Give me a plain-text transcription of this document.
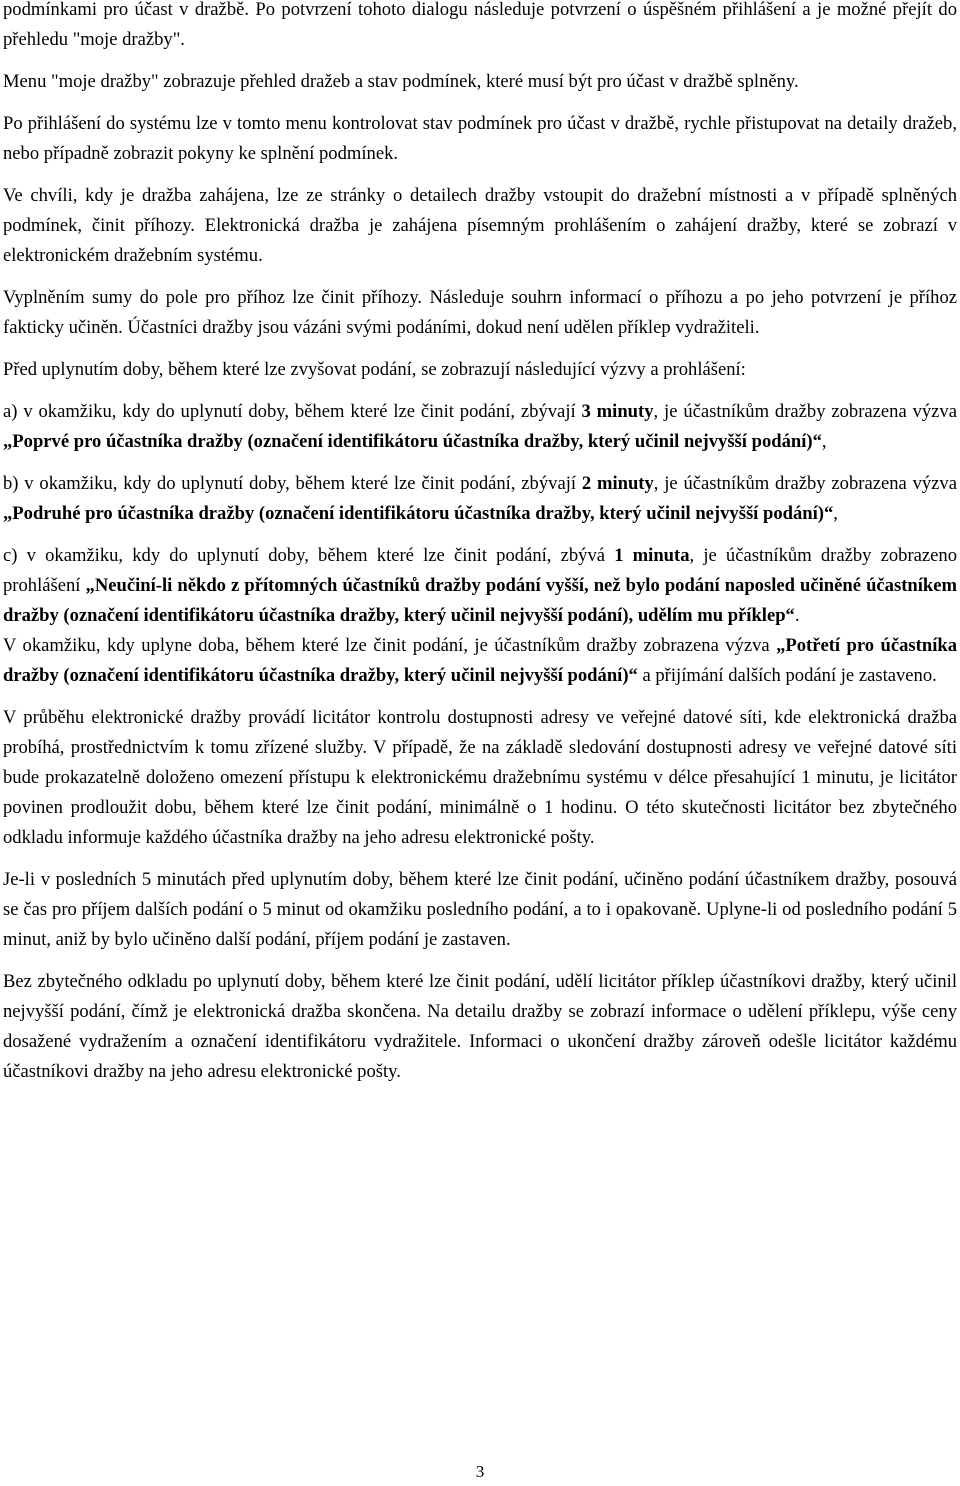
podmínkami pro účast v dražbě. Po potvrzení tohoto dialogu následuje potvrzení o úspěšném přihlášení a je možné přejít do přehledu "moje dražby".

Menu "moje dražby" zobrazuje přehled dražeb a stav podmínek, které musí být pro účast v dražbě splněny.

Po přihlášení do systému lze v tomto menu kontrolovat stav podmínek pro účast v dražbě, rychle přistupovat na detaily dražeb, nebo případně zobrazit pokyny ke splnění podmínek.

Ve chvíli, kdy je dražba zahájena, lze ze stránky o detailech dražby vstoupit do dražební místnosti a v případě splněných podmínek, činit příhozy. Elektronická dražba je zahájena písemným prohlášením o zahájení dražby, které se zobrazí v elektronickém dražebním systému.

Vyplněním sumy do pole pro příhoz lze činit příhozy. Následuje souhrn informací o příhozu a po jeho potvrzení je příhoz fakticky učiněn. Účastníci dražby jsou vázáni svými podáními, dokud není udělen příklep vydražiteli.

Před uplynutím doby, během které lze zvyšovat podání, se zobrazují následující výzvy a prohlášení:

a) v okamžiku, kdy do uplynutí doby, během které lze činit podání, zbývají 3 minuty, je účastníkům dražby zobrazena výzva „Poprvé pro účastníka dražby (označení identifikátoru účastníka dražby, který učinil nejvyšší podání)“,

b) v okamžiku, kdy do uplynutí doby, během které lze činit podání, zbývají 2 minuty, je účastníkům dražby zobrazena výzva „Podruhé pro účastníka dražby (označení identifikátoru účastníka dražby, který učinil nejvyšší podání)“,

c) v okamžiku, kdy do uplynutí doby, během které lze činit podání, zbývá 1 minuta, je účastníkům dražby zobrazeno prohlášení „Neučiní-li někdo z přítomných účastníků dražby podání vyšší, než bylo podání naposled učiněné účastníkem dražby (označení identifikátoru účastníka dražby, který učinil nejvyšší podání), udělím mu příklep“.

V okamžiku, kdy uplyne doba, během které lze činit podání, je účastníkům dražby zobrazena výzva „Potřetí pro účastníka dražby (označení identifikátoru účastníka dražby, který učinil nejvyšší podání)“ a přijímání dalších podání je zastaveno.

V průběhu elektronické dražby provádí licitátor kontrolu dostupnosti adresy ve veřejné datové síti, kde elektronická dražba probíhá, prostřednictvím k tomu zřízené služby. V případě, že na základě sledování dostupnosti adresy ve veřejné datové síti bude prokazatelně doloženo omezení přístupu k elektronickému dražebnímu systému v délce přesahující 1 minutu, je licitátor povinen prodloužit dobu, během které lze činit podání, minimálně o 1 hodinu. O této skutečnosti licitátor bez zbytečného odkladu informuje každého účastníka dražby na jeho adresu elektronické pošty.

Je-li v posledních 5 minutách před uplynutím doby, během které lze činit podání, učiněno podání účastníkem dražby, posouvá se čas pro příjem dalších podání o 5 minut od okamžiku posledního podání, a to i opakovaně. Uplyne-li od posledního podání 5 minut, aniž by bylo učiněno další podání, příjem podání je zastaven.

Bez zbytečného odkladu po uplynutí doby, během které lze činit podání, udělí licitátor příklep účastníkovi dražby, který učinil nejvyšší podání, čímž je elektronická dražba skončena. Na detailu dražby se zobrazí informace o udělení příklepu, výše ceny dosažené vydražením a označení identifikátoru vydražitele. Informaci o ukončení dražby zároveň odešle licitátor každému účastníkovi dražby na jeho adresu elektronické pošty.

3
